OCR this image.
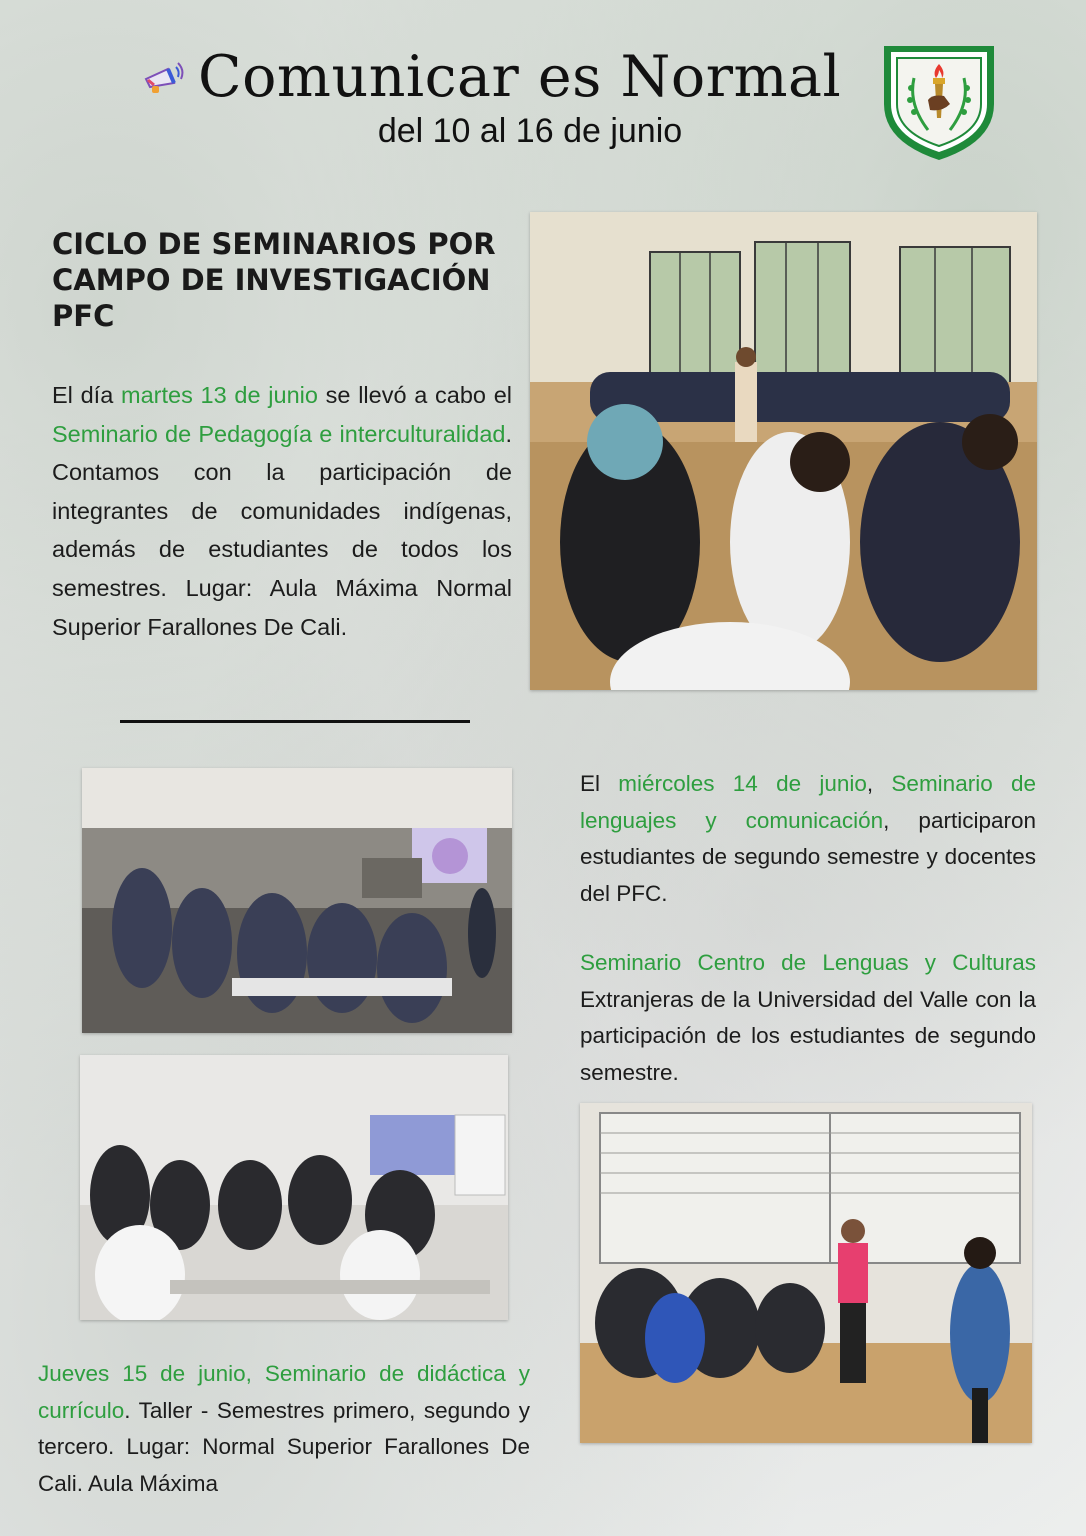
Comunicar es Normal
del 10 al 16 de junio
CICLO DE SEMINARIOS POR CAMPO DE INVESTIGACIÓN PFC
El día martes 13 de junio se llevó a cabo el Seminario de Pedagogía e interculturalidad. Contamos con la participación de integrantes de comunidades indígenas, además de estudiantes de todos los semestres. Lugar: Aula Máxima Normal Superior Farallones De Cali.
El miércoles 14 de junio, Seminario de lenguajes y comunicación, participaron estudiantes de segundo semestre y docentes del PFC.
Seminario Centro de Lenguas y Culturas Extranjeras de la Universidad del Valle con la participación de los estudiantes de segundo semestre.
Jueves 15 de junio, Seminario de didáctica y currículo. Taller - Semestres primero, segundo y tercero. Lugar: Normal Superior Farallones De Cali. Aula Máxima
